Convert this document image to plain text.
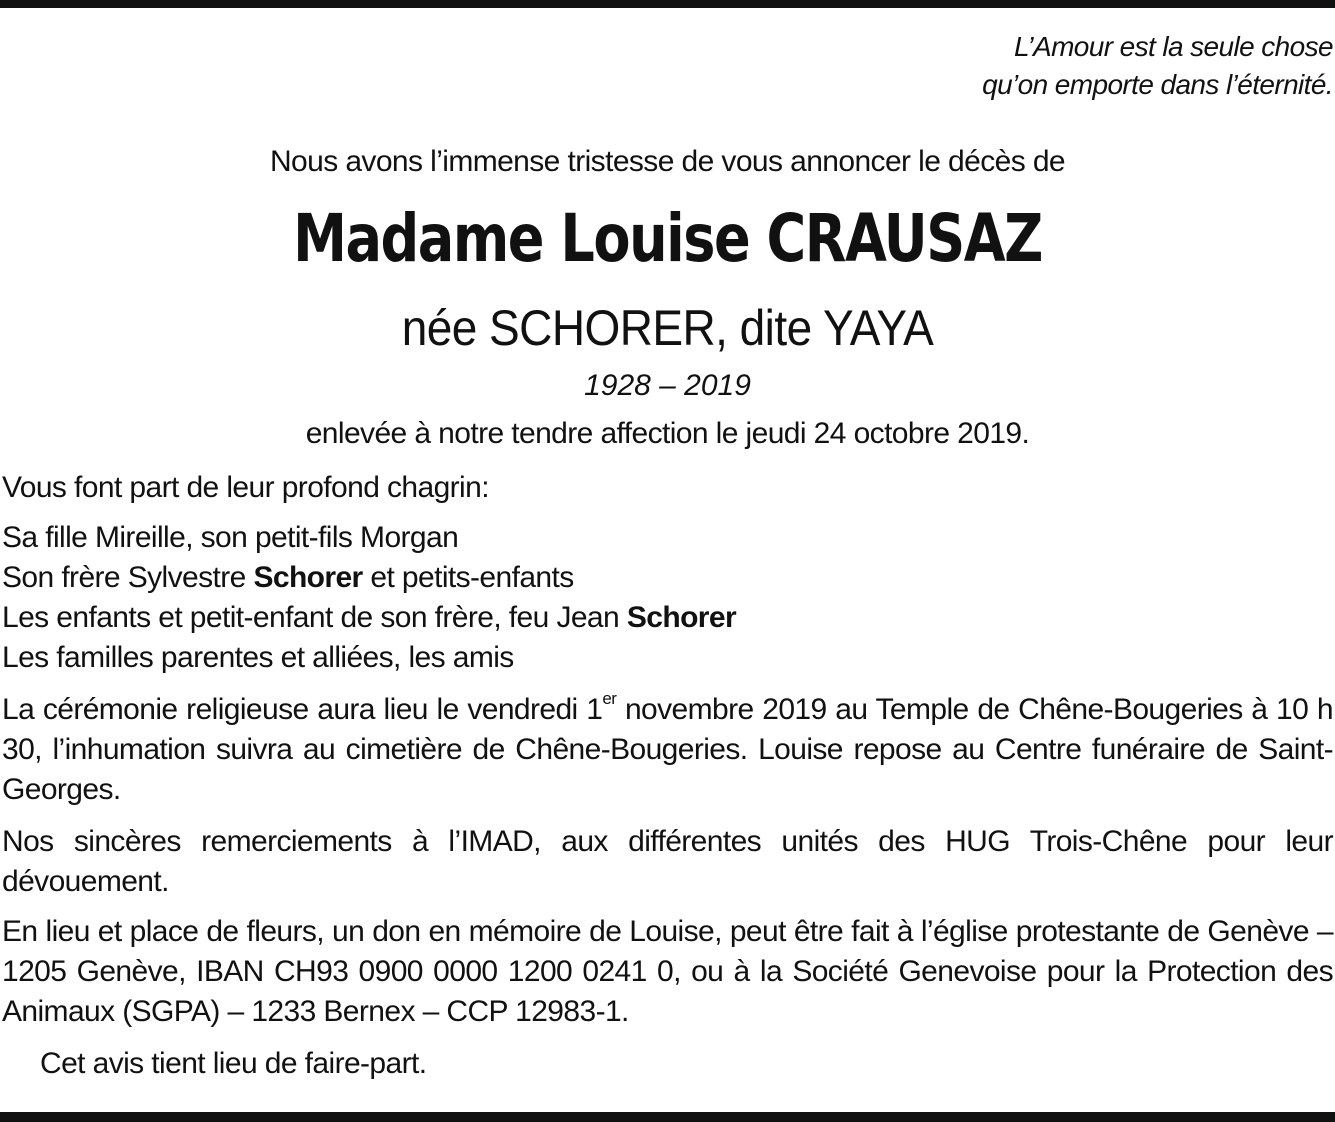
L’Amour est la seule chose
qu’on emporte dans l’éternité.
Nous avons l’immense tristesse de vous annoncer le décès de
Madame Louise CRAUSAZ
née SCHORER, dite YAYA
1928 – 2019
enlevée à notre tendre affection le jeudi 24 octobre 2019.
Vous font part de leur profond chagrin:
Sa fille Mireille, son petit-fils Morgan
Son frère Sylvestre Schorer et petits-enfants
Les enfants et petit-enfant de son frère, feu Jean Schorer
Les familles parentes et alliées, les amis
La cérémonie religieuse aura lieu le vendredi 1er novembre 2019 au Temple de Chêne-Bougeries à 10 h 30, l’inhumation suivra au cimetière de Chêne-Bougeries. Louise repose au Centre funéraire de Saint-Georges.
Nos sincères remerciements à l’IMAD, aux différentes unités des HUG Trois-Chêne pour leur dévouement.
En lieu et place de fleurs, un don en mémoire de Louise, peut être fait à l’église protestante de Genève – 1205 Genève, IBAN CH93 0900 0000 1200 0241 0, ou à la Société Genevoise pour la Protection des Animaux (SGPA) – 1233 Bernex – CCP 12983-1.
Cet avis tient lieu de faire-part.
